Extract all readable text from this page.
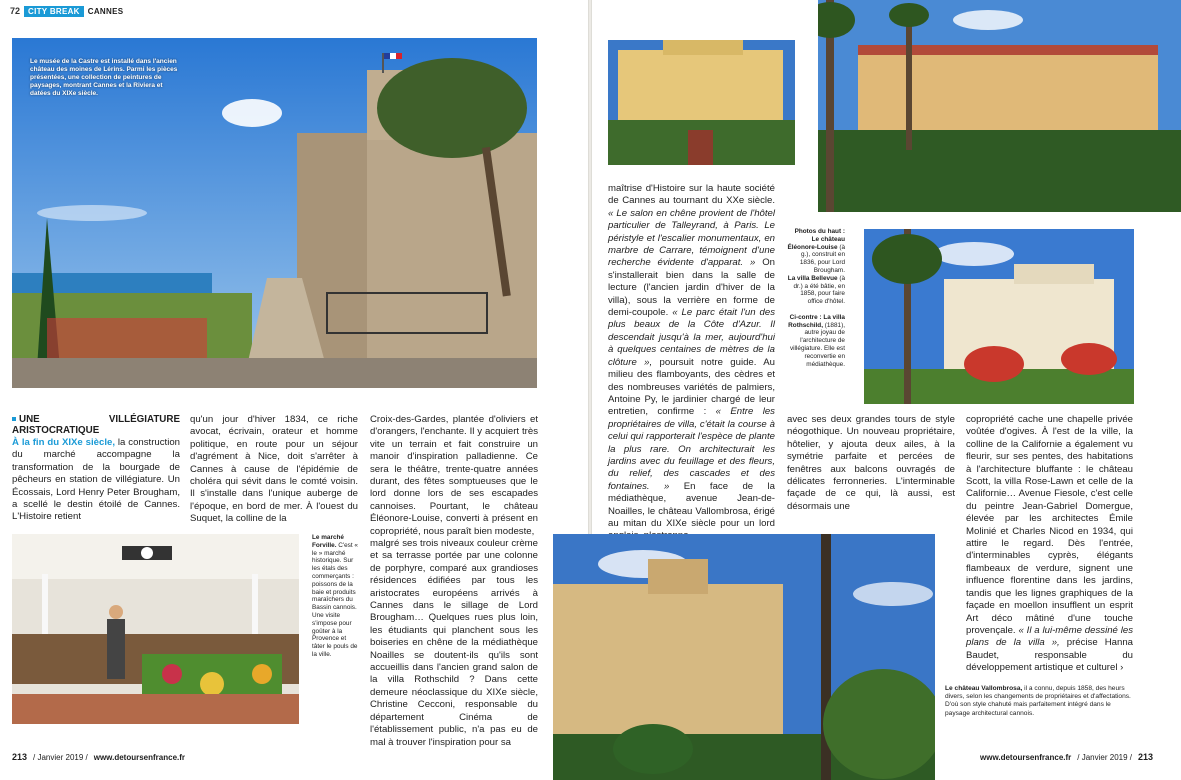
72	CITY BREAK	CANNES
Le musée de la Castre est installé dans l'ancien château des moines de Lérins. Parmi les pièces présentées, une collection de peintures de paysages, montrant Cannes et la Riviera et datées du XIXe siècle.
UNE VILLÉGIATURE ARISTOCRATIQUE

À la fin du XIXe siècle, la construction du marché accompagne la transformation de la bourgade de pêcheurs en station de villégiature. Un Écossais, Lord Henry Peter Brougham, a scellé le destin étoilé de Cannes. L'Histoire retient

qu'un jour d'hiver 1834, ce riche avocat, écrivain, orateur et homme politique, en route pour un séjour d'agrément à Nice, doit s'arrêter à Cannes à cause de l'épidémie de choléra qui sévit dans le comté voisin. Il s'installe dans l'unique auberge de l'époque, en bord de mer. À l'ouest du Suquet, la colline de la

Croix-des-Gardes, plantée d'oliviers et d'orangers, l'enchante. Il y acquiert très vite un terrain et fait construire un manoir d'inspiration palladienne. Ce sera le théâtre, trente-quatre années durant, des fêtes somptueuses que le lord donne lors de ses escapades cannoises. Pourtant, le château Éléonore-Louise, converti à présent en copropriété, nous paraît bien modeste,

Le marché Forville. C'est « le » marché historique. Sur les étals des commerçants : poissons de la baie et produits maraîchers du Bassin cannois. Une visite s'impose pour goûter à la Provence et tâter le pouls de la ville.

malgré ses trois niveaux couleur crème et sa terrasse portée par une colonne de porphyre, comparé aux grandioses résidences édifiées par tous les aristocrates européens arrivés à Cannes dans le sillage de Lord Brougham… Quelques rues plus loin, les étudiants qui planchent sous les boiseries en chêne de la médiathèque Noailles se doutent-ils qu'ils sont accueillis dans l'ancien grand salon de la villa Rothschild ? Dans cette demeure néoclassique du XIXe siècle, Christine Cecconi, responsable du département Cinéma de l'établissement public, n'a pas eu de mal à trouver l'inspiration pour sa

213 / Janvier 2019 / www.detoursenfrance.fr

maîtrise d'Histoire sur la haute société de Cannes au tournant du XXe siècle. « Le salon en chêne provient de l'hôtel particulier de Talleyrand, à Paris. Le péristyle et l'escalier monumentaux, en marbre de Carrare, témoignent d'une recherche évidente d'apparat. » On s'installerait bien dans la salle de lecture (l'ancien jardin d'hiver de la villa), sous la verrière en forme de demi-coupole. « Le parc était l'un des plus beaux de la Côte d'Azur. Il descendait jusqu'à la mer, aujourd'hui à quelques centaines de mètres de la clôture », poursuit notre guide. Au milieu des flamboyants, des cèdres et des nombreuses variétés de palmiers, Antoine Py, le jardinier chargé de leur entretien, confirme : « Entre les propriétaires de villa, c'était la course à celui qui rapporterait l'espèce de plante la plus rare. On architecturait les jardins avec du feuillage et des fleurs, du relief, des cascades et des fontaines. » En face de la médiathèque, avenue Jean-de-Noailles, le château Vallombrosa, érigé au mitan du XIXe siècle pour un lord

Photos du haut :
Le château Éléonore-Louise (à g.), construit en 1836, pour Lord Brougham.
La villa Bellevue (à dr.) a été bâtie, en 1858, pour faire office d'hôtel.

Ci-contre : La villa Rothschild, (1881), autre joyau de l'architecture de villégiature. Elle est reconvertie en médiathèque.

avec ses deux grandes tours de style néogothique. Un nouveau propriétaire, hôtelier, y ajouta deux ailes, à la symétrie parfaite et percées de fenêtres aux balcons ouvragés de délicates ferronneries. L'interminable façade de ce qui, là aussi, est désormais une

copropriété cache une chapelle privée voûtée d'ogives. À l'est de la ville, la colline de la Californie a également vu fleurir, sur ses pentes, des habitations à l'architecture bluffante : le château Scott, la villa Rose-Lawn et celle de la Californie… Avenue Fiesole, c'est celle du peintre Jean-Gabriel Domergue, élevée par les architectes Émile Molinié et Charles Nicod en 1934, qui attire le regard. Dès l'entrée, d'interminables cyprès, élégants flambeaux de verdure, signent une influence florentine dans les jardins, tandis que les lignes graphiques de la façade en moellon insufflent un esprit Art déco mâtiné d'une touche provençale. « Il a lui-même dessiné les plans de la villa », précise Hanna Baudet, responsable du développement artistique et culturel ›

Le château Vallombrosa, il a connu, depuis 1858, des heurs divers, selon les changements de propriétaires et d'affectations. D'où son style chahuté mais parfaitement intégré dans le paysage architectural cannois.
www.detoursenfrance.fr / Janvier 2019 / 213
